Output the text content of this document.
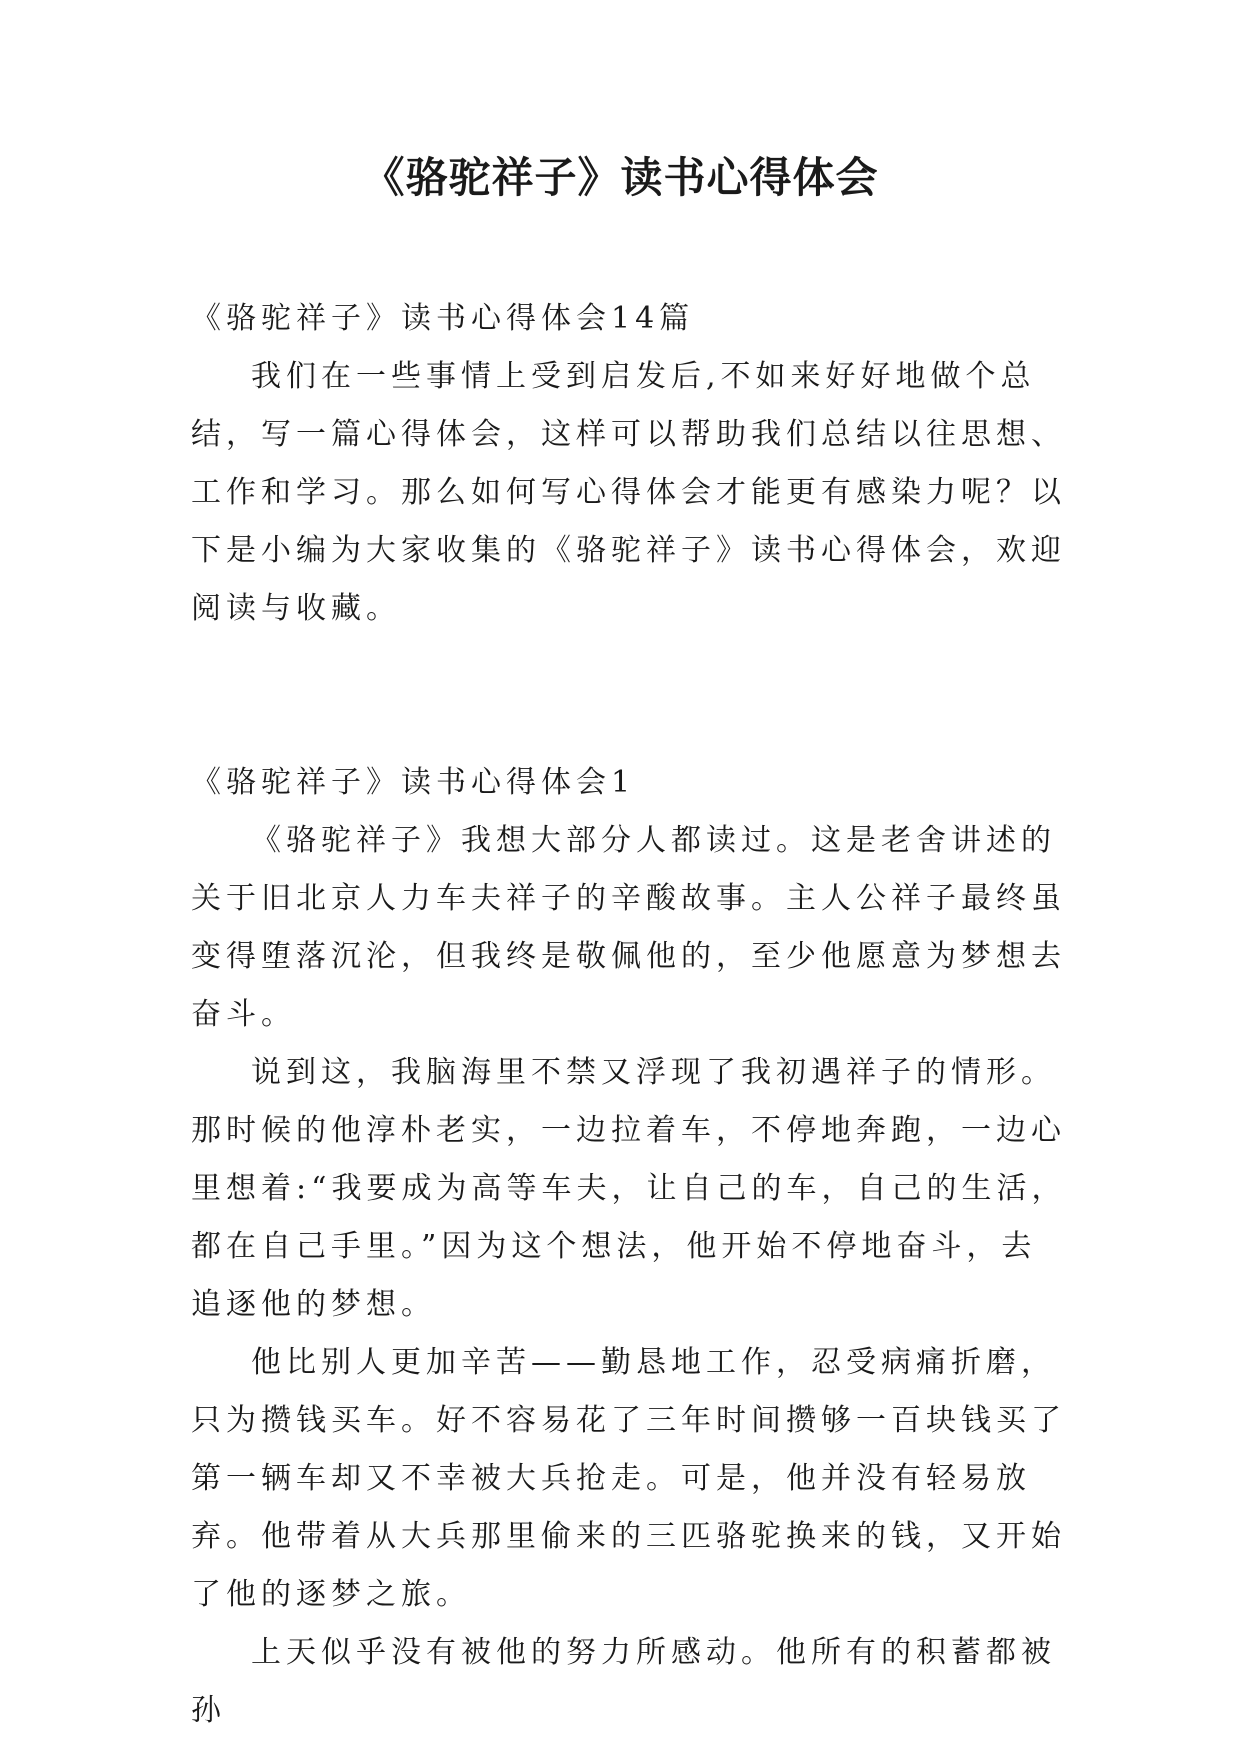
《骆驼祥子》读书心得体会

《骆驼祥子》读书心得体会14篇

我们在一些事情上受到启发后,不如来好好地做个总结，写一篇心得体会，这样可以帮助我们总结以往思想、工作和学习。那么如何写心得体会才能更有感染力呢？以下是小编为大家收集的《骆驼祥子》读书心得体会，欢迎阅读与收藏。

《骆驼祥子》读书心得体会1

《骆驼祥子》我想大部分人都读过。这是老舍讲述的关于旧北京人力车夫祥子的辛酸故事。主人公祥子最终虽变得堕落沉沦，但我终是敬佩他的，至少他愿意为梦想去奋斗。

说到这，我脑海里不禁又浮现了我初遇祥子的情形。那时候的他淳朴老实，一边拉着车，不停地奔跑，一边心里想着:“我要成为高等车夫，让自己的车，自己的生活，都在自己手里。”因为这个想法，他开始不停地奋斗，去追逐他的梦想。

他比别人更加辛苦——勤恳地工作，忍受病痛折磨，只为攒钱买车。好不容易花了三年时间攒够一百块钱买了第一辆车却又不幸被大兵抢走。可是，他并没有轻易放弃。他带着从大兵那里偷来的三匹骆驼换来的钱，又开始了他的逐梦之旅。

上天似乎没有被他的努力所感动。他所有的积蓄都被孙
